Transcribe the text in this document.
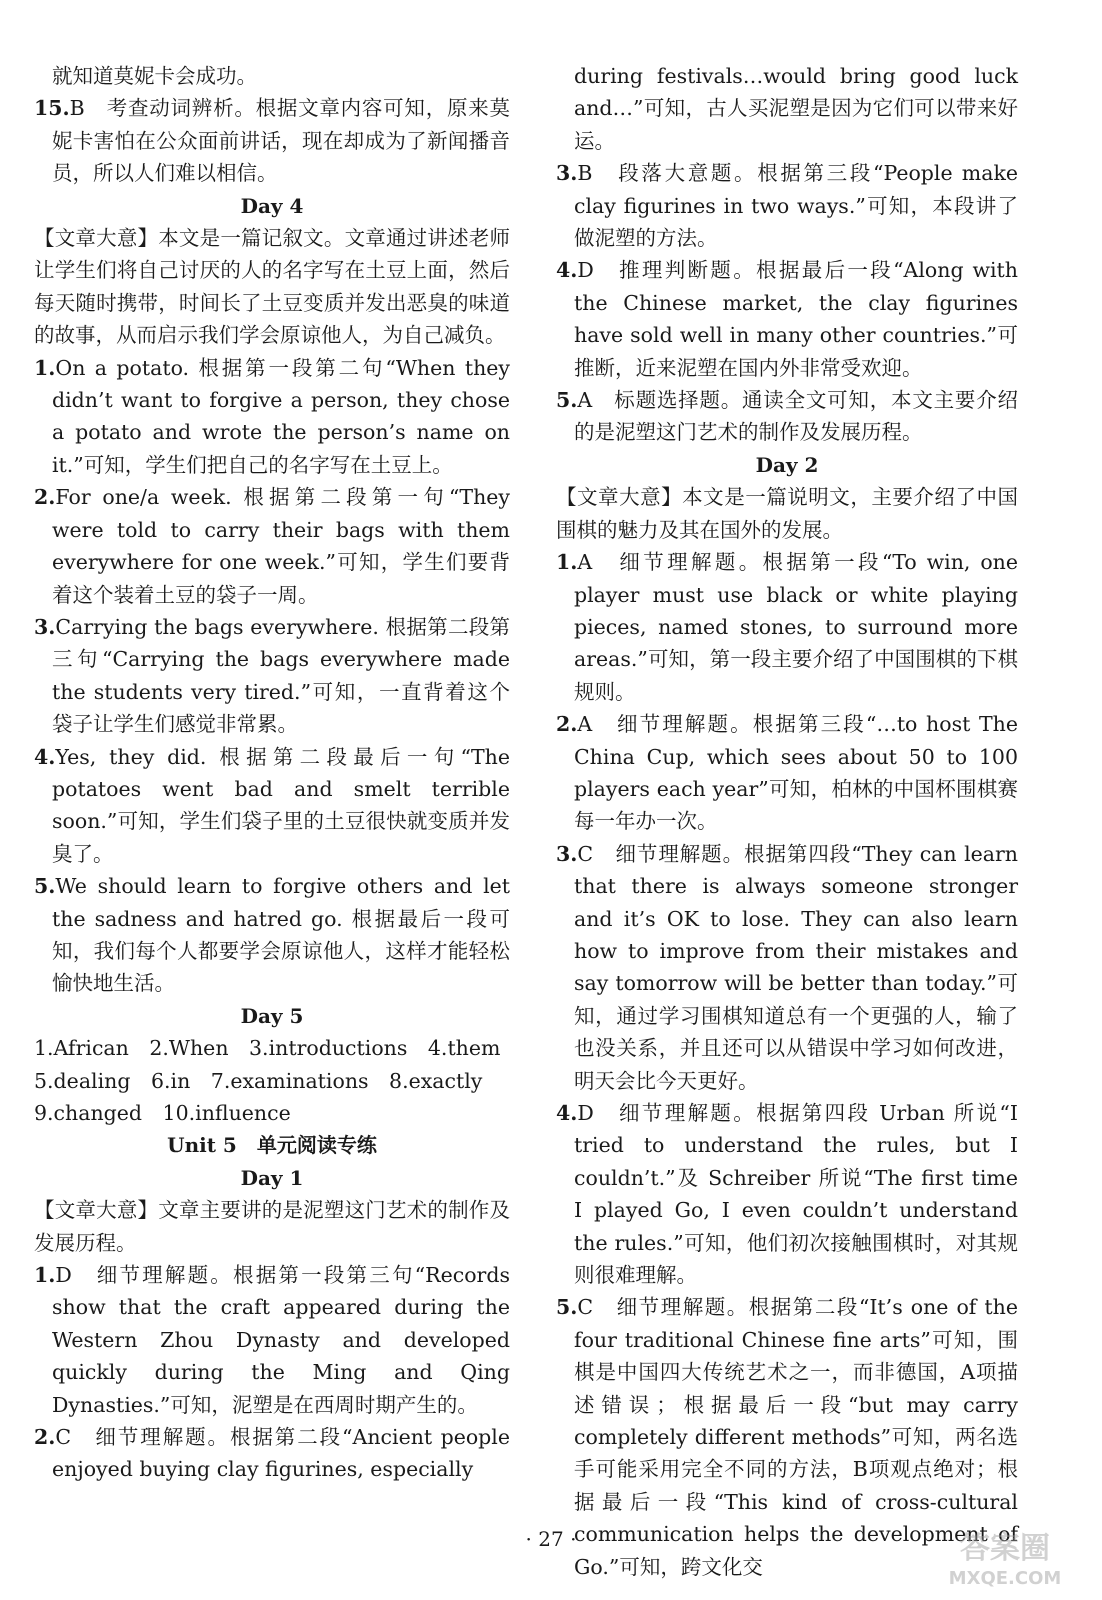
就知道莫妮卡会成功。

15.B　考查动词辨析。根据文章内容可知，原来莫妮卡害怕在公众面前讲话，现在却成为了新闻播音员，所以人们难以相信。

Day 4

【文章大意】本文是一篇记叙文。文章通过讲述老师让学生们将自己讨厌的人的名字写在土豆上面，然后每天随时携带，时间长了土豆变质并发出恶臭的味道的故事，从而启示我们学会原谅他人，为自己减负。

1.On a potato. 根据第一段第二句“When they didn’t want to forgive a person, they chose a potato and wrote the person’s name on it.”可知，学生们把自己的名字写在土豆上。

2.For one/a week. 根据第二段第一句“They were told to carry their bags with them everywhere for one week.”可知，学生们要背着这个装着土豆的袋子一周。

3.Carrying the bags everywhere. 根据第二段第三句“Carrying the bags everywhere made the students very tired.”可知，一直背着这个袋子让学生们感觉非常累。

4.Yes, they did. 根据第二段最后一句“The potatoes went bad and smelt terrible soon.”可知，学生们袋子里的土豆很快就变质并发臭了。

5.We should learn to forgive others and let the sadness and hatred go. 根据最后一段可知，我们每个人都要学会原谅他人，这样才能轻松愉快地生活。

Day 5

1.African　2.When　3.introductions　4.them

5.dealing　6.in　7.examinations　8.exactly

9.changed　10.influence

Unit 5　单元阅读专练

Day 1

【文章大意】文章主要讲的是泥塑这门艺术的制作及发展历程。

1.D　细节理解题。根据第一段第三句“Records show that the craft appeared during the Western Zhou Dynasty and developed quickly during the Ming and Qing Dynasties.”可知，泥塑是在西周时期产生的。

2.C　细节理解题。根据第二段“Ancient people enjoyed buying clay figurines, especially

during festivals…would bring good luck and…”可知，古人买泥塑是因为它们可以带来好运。

3.B　段落大意题。根据第三段“People make clay figurines in two ways.”可知，本段讲了做泥塑的方法。

4.D　推理判断题。根据最后一段“Along with the Chinese market, the clay figurines have sold well in many other countries.”可推断，近来泥塑在国内外非常受欢迎。

5.A　标题选择题。通读全文可知，本文主要介绍的是泥塑这门艺术的制作及发展历程。

Day 2

【文章大意】本文是一篇说明文，主要介绍了中国围棋的魅力及其在国外的发展。

1.A　细节理解题。根据第一段“To win, one player must use black or white playing pieces, named stones, to surround more areas.”可知，第一段主要介绍了中国围棋的下棋规则。

2.A　细节理解题。根据第三段“…to host The China Cup, which sees about 50 to 100 players each year”可知，柏林的中国杯围棋赛每一年办一次。

3.C　细节理解题。根据第四段“They can learn that there is always someone stronger and it’s OK to lose. They can also learn how to improve from their mistakes and say tomorrow will be better than today.”可知，通过学习围棋知道总有一个更强的人，输了也没关系，并且还可以从错误中学习如何改进，明天会比今天更好。

4.D　细节理解题。根据第四段 Urban 所说“I tried to understand the rules, but I couldn’t.”及 Schreiber 所说“The first time I played Go, I even couldn’t understand the rules.”可知，他们初次接触围棋时，对其规则很难理解。

5.C　细节理解题。根据第二段“It’s one of the four traditional Chinese fine arts”可知，围棋是中国四大传统艺术之一，而非德国，A项描述错误；根据最后一段“but may carry completely different methods”可知，两名选手可能采用完全不同的方法，B项观点绝对；根据最后一段“This kind of cross-cultural communication helps the development of Go.”可知，跨文化交

· 27 ·	答案圈
MXQE.COM
